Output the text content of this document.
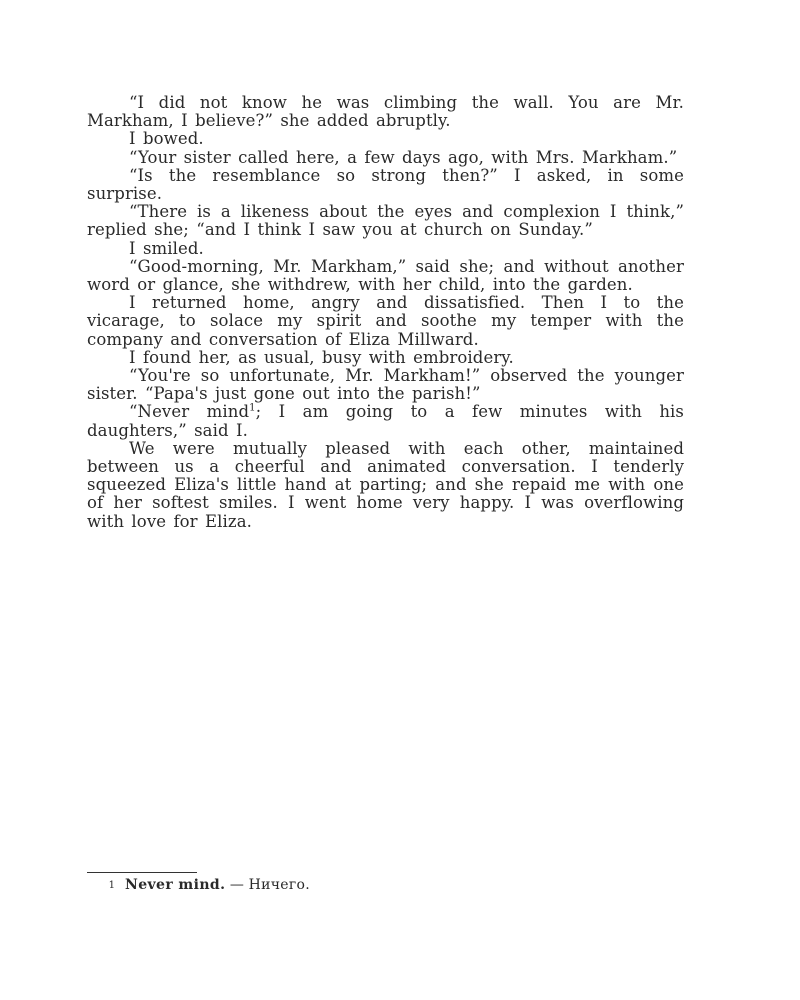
“I did not know he was climbing the wall. You are Mr. Markham, I believe?” she added abruptly.

I bowed.

“Your sister called here, a few days ago, with Mrs. Markham.”

“Is the resemblance so strong then?” I asked, in some surprise.

“There is a likeness about the eyes and complexion I think,” replied she; “and I think I saw you at church on Sunday.”

I smiled.

“Good-morning, Mr. Markham,” said she; and without another word or glance, she withdrew, with her child, into the garden.

I returned home, angry and dissatisfied. Then I to the vicarage, to solace my spirit and soothe my temper with the company and conversation of Eliza Millward.

I found her, as usual, busy with embroidery.

“You're so unfortunate, Mr. Markham!” observed the younger sister. “Papa's just gone out into the parish!”

“Never mind$^1$; I am going to a few minutes with his daughters,” said I.

We were mutually pleased with each other, maintained between us a cheerful and animated conversation. I tenderly squeezed Eliza's little hand at parting; and she repaid me with one of her softest smiles. I went home very happy. I was overflowing with love for Eliza.

1 Never mind. — Ничего.
